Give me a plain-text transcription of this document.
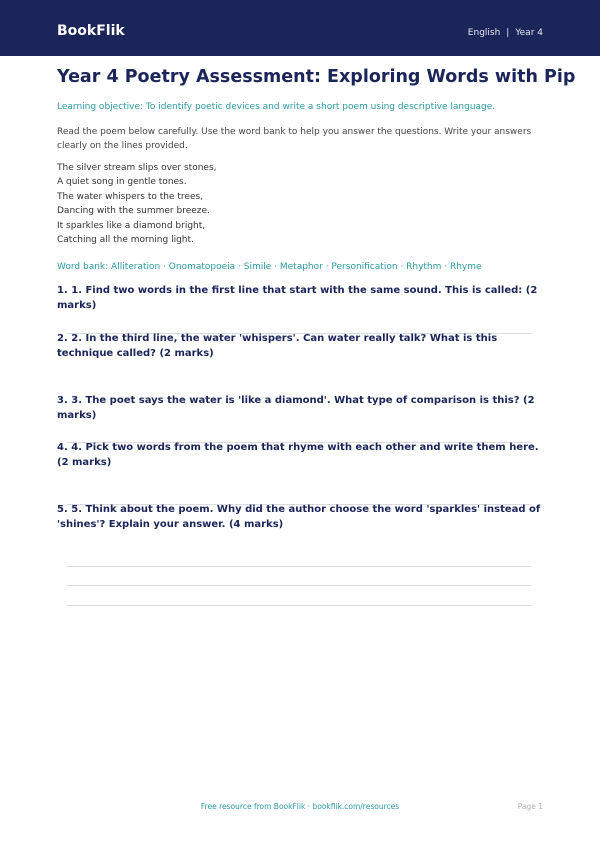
BookFlik	English | Year 4
Year 4 Poetry Assessment: Exploring Words with Pip
Learning objective: To identify poetic devices and write a short poem using descriptive language.
Read the poem below carefully. Use the word bank to help you answer the questions. Write your answers clearly on the lines provided.
The silver stream slips over stones,
A quiet song in gentle tones.
The water whispers to the trees,
Dancing with the summer breeze.
It sparkles like a diamond bright,
Catching all the morning light.
Word bank: Alliteration · Onomatopoeia · Simile · Metaphor · Personification · Rhythm · Rhyme
1. 1. Find two words in the first line that start with the same sound. This is called: (2 marks)
2. 2. In the third line, the water 'whispers'. Can water really talk? What is this technique called? (2 marks)
3. 3. The poet says the water is 'like a diamond'. What type of comparison is this? (2 marks)
4. 4. Pick two words from the poem that rhyme with each other and write them here. (2 marks)
5. 5. Think about the poem. Why did the author choose the word 'sparkles' instead of 'shines'? Explain your answer. (4 marks)
Free resource from BookFlik · bookflik.com/resources	Page 1
